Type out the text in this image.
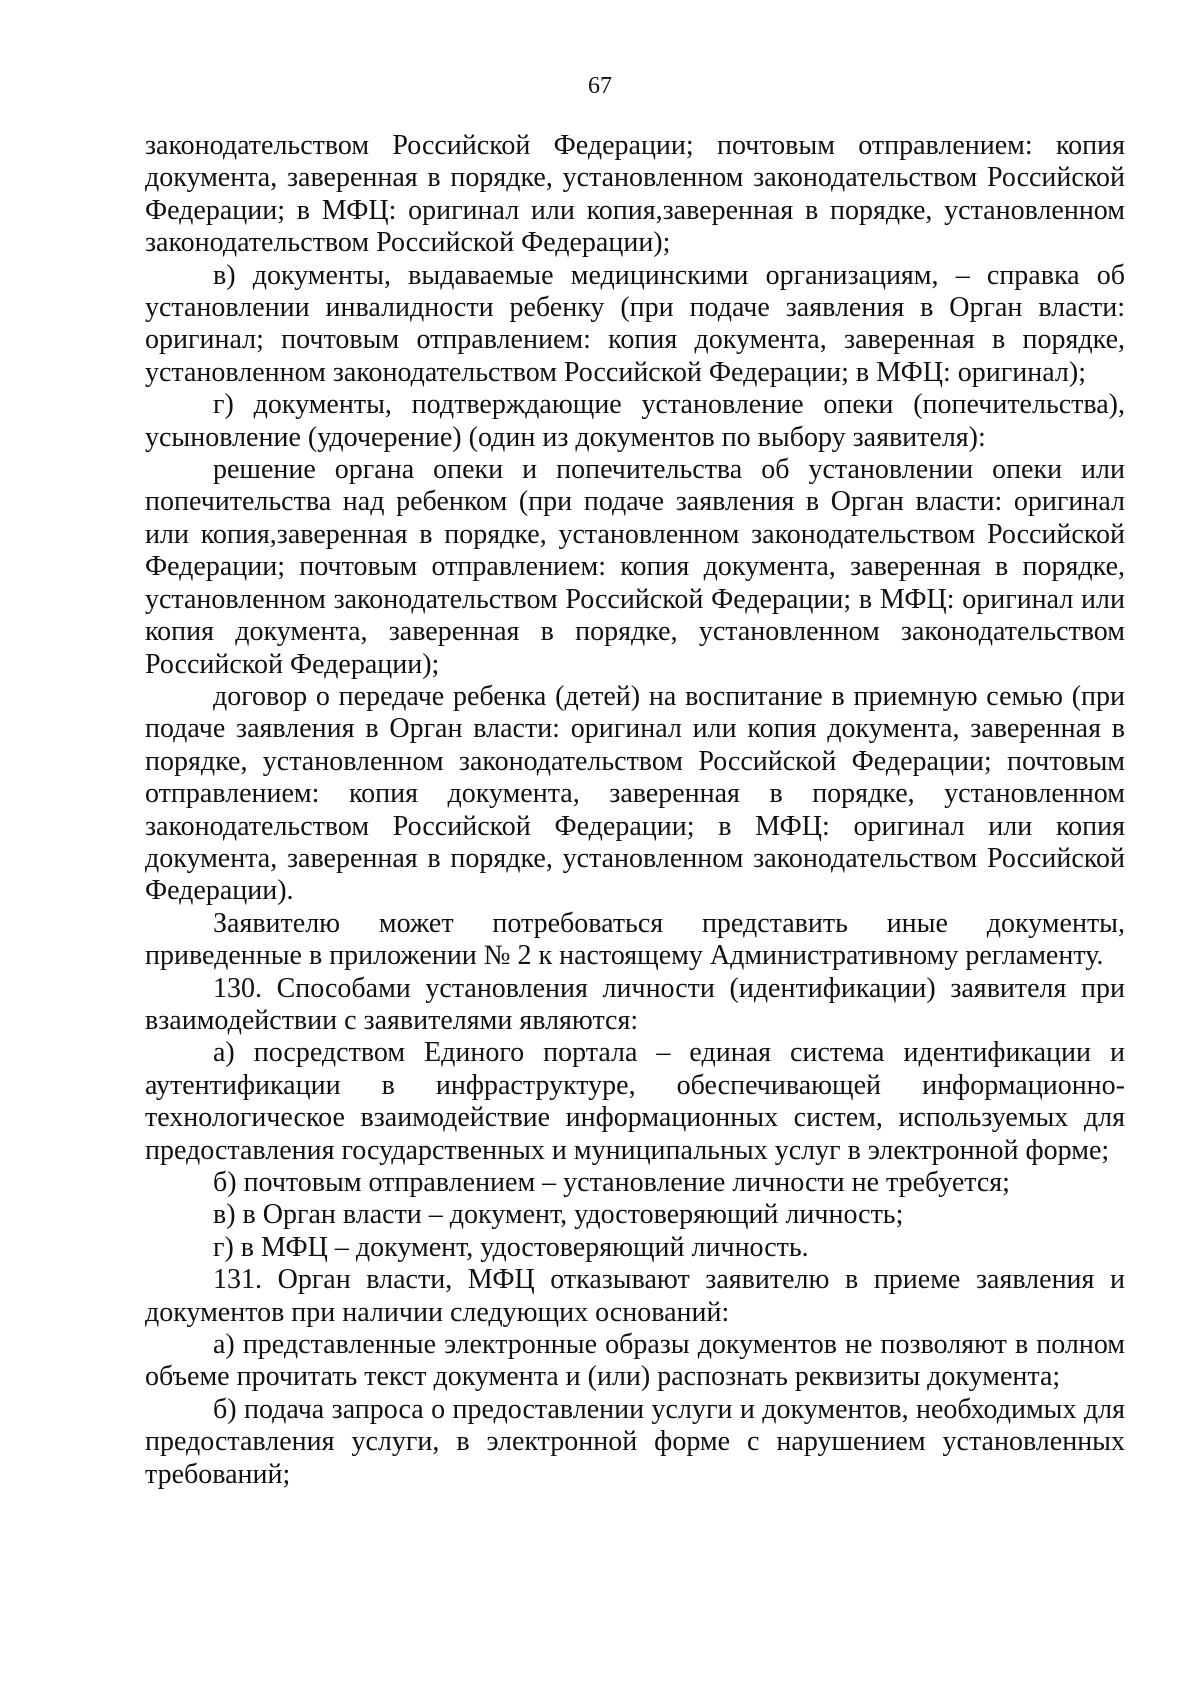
67

законодательством Российской Федерации; почтовым отправлением: копия документа, заверенная в порядке, установленном законодательством Российской Федерации; в МФЦ: оригинал или копия,заверенная в порядке, установленном законодательством Российской Федерации);

в) документы, выдаваемые медицинскими организациям, – справка об установлении инвалидности ребенку (при подаче заявления в Орган власти: оригинал; почтовым отправлением: копия документа, заверенная в порядке, установленном законодательством Российской Федерации; в МФЦ: оригинал);

г) документы, подтверждающие установление опеки (попечительства), усыновление (удочерение) (один из документов по выбору заявителя):

решение органа опеки и попечительства об установлении опеки или попечительства над ребенком (при подаче заявления в Орган власти: оригинал или копия,заверенная в порядке, установленном законодательством Российской Федерации; почтовым отправлением: копия документа, заверенная в порядке, установленном законодательством Российской Федерации; в МФЦ: оригинал или копия документа, заверенная в порядке, установленном законодательством Российской Федерации);

договор о передаче ребенка (детей) на воспитание в приемную семью (при подаче заявления в Орган власти: оригинал или копия документа, заверенная в порядке, установленном законодательством Российской Федерации; почтовым отправлением: копия документа, заверенная в порядке, установленном законодательством Российской Федерации; в МФЦ: оригинал или копия документа, заверенная в порядке, установленном законодательством Российской Федерации).

Заявителю может потребоваться представить иные документы, приведенные в приложении № 2 к настоящему Административному регламенту.

130. Способами установления личности (идентификации) заявителя при взаимодействии с заявителями являются:

а) посредством Единого портала – единая система идентификации и аутентификации в инфраструктуре, обеспечивающей информационно-технологическое взаимодействие информационных систем, используемых для предоставления государственных и муниципальных услуг в электронной форме;

б) почтовым отправлением – установление личности не требуется;

в) в Орган власти – документ, удостоверяющий личность;

г) в МФЦ – документ, удостоверяющий личность.

131. Орган власти, МФЦ отказывают заявителю в приеме заявления и документов при наличии следующих оснований:

а) представленные электронные образы документов не позволяют в полном объеме прочитать текст документа и (или) распознать реквизиты документа;

б) подача запроса о предоставлении услуги и документов, необходимых для предоставления услуги, в электронной форме с нарушением установленных требований;
